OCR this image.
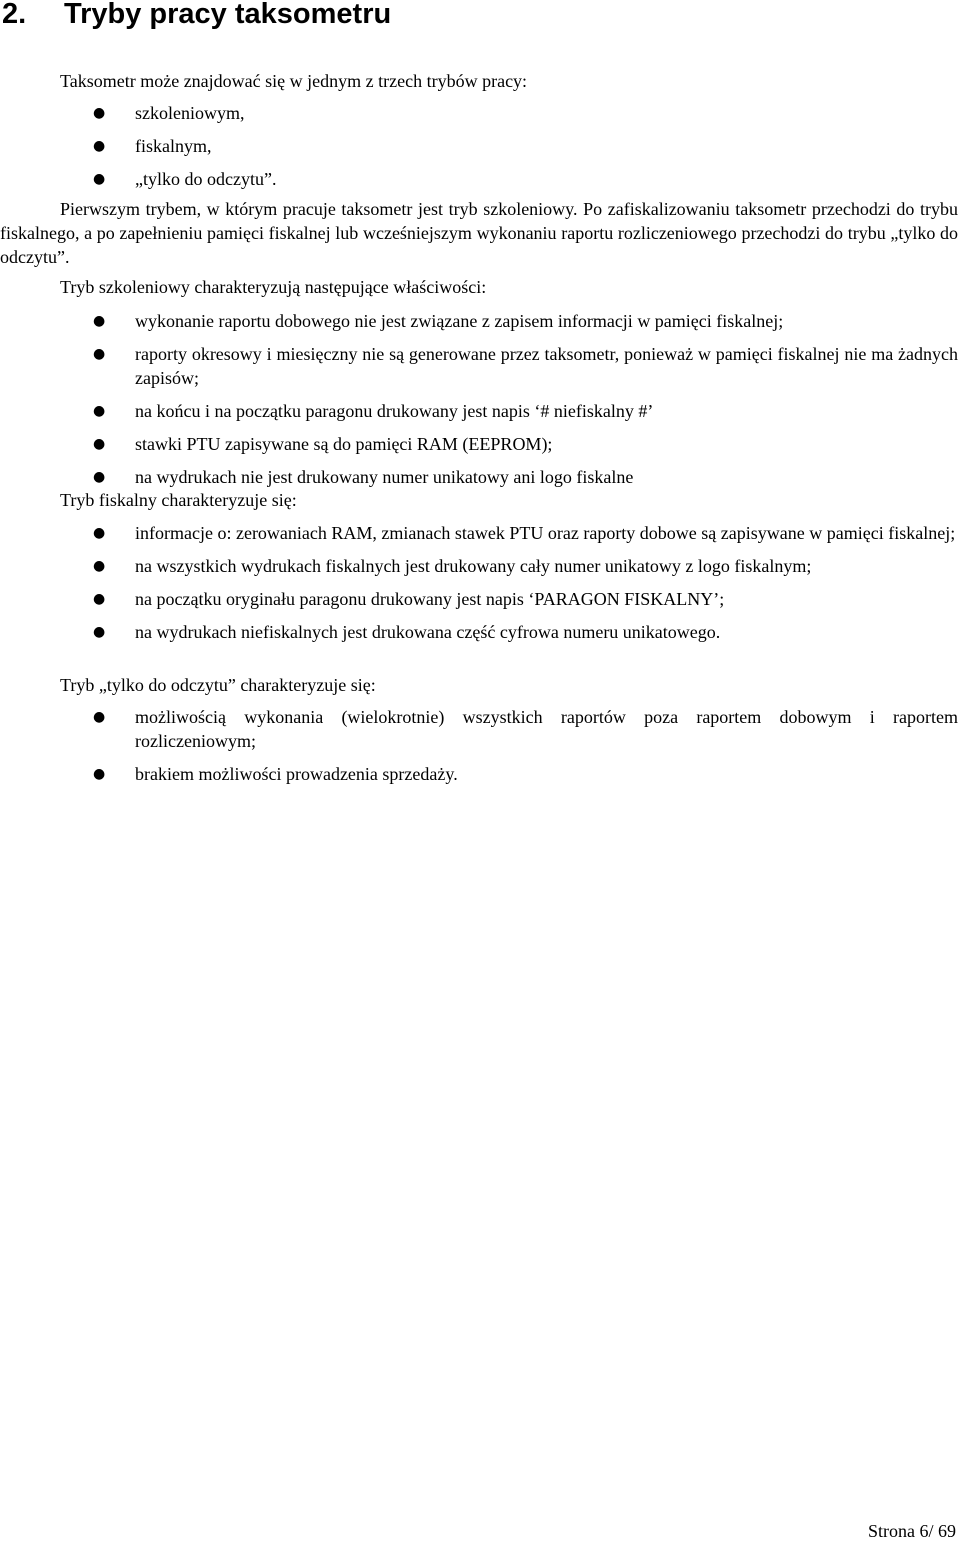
2. Tryby pracy taksometru

Taksometr może znajdować się w jednym z trzech trybów pracy:

● szkoleniowym,
● fiskalnym,
● „tylko do odczytu”.

Pierwszym trybem, w którym pracuje taksometr jest tryb szkoleniowy. Po zafiskalizowaniu taksometr przechodzi do trybu fiskalnego, a po zapełnieniu pamięci fiskalnej lub wcześniejszym wykonaniu raportu rozliczeniowego przechodzi do trybu „tylko do odczytu”.

Tryb szkoleniowy charakteryzują następujące właściwości:

● wykonanie raportu dobowego nie jest związane z zapisem informacji w pamięci fiskalnej;
● raporty okresowy i miesięczny nie są generowane przez taksometr, ponieważ w pamięci fiskalnej nie ma żadnych zapisów;
● na końcu i na początku paragonu drukowany jest napis ‘# niefiskalny #’
● stawki PTU zapisywane są do pamięci RAM (EEPROM);
● na wydrukach nie jest drukowany numer unikatowy ani logo fiskalne

Tryb fiskalny charakteryzuje się:

● informacje o: zerowaniach RAM, zmianach stawek PTU oraz raporty dobowe są zapisywane w pamięci fiskalnej;
● na wszystkich wydrukach fiskalnych jest drukowany cały numer unikatowy z logo fiskalnym;
● na początku oryginału paragonu drukowany jest napis ‘PARAGON FISKALNY’;
● na wydrukach niefiskalnych jest drukowana część cyfrowa numeru unikatowego.

Tryb „tylko do odczytu” charakteryzuje się:

● możliwością wykonania (wielokrotnie) wszystkich raportów poza raportem dobowym i raportem rozliczeniowym;
● brakiem możliwości prowadzenia sprzedaży.

Strona 6/ 69
